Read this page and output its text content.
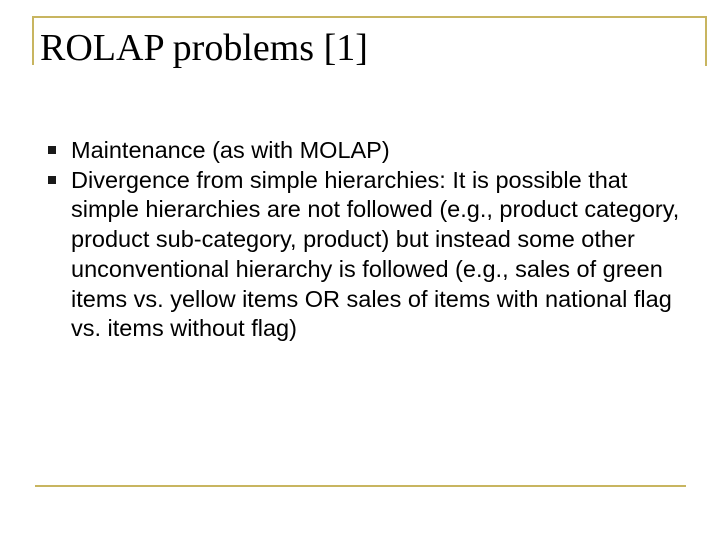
ROLAP problems [1]
Maintenance (as with MOLAP)
Divergence from simple hierarchies: It is possible that simple hierarchies are not followed (e.g., product category, product sub-category, product) but instead some other unconventional hierarchy is followed (e.g., sales of green items vs. yellow items OR sales of items with national flag vs. items without flag)
